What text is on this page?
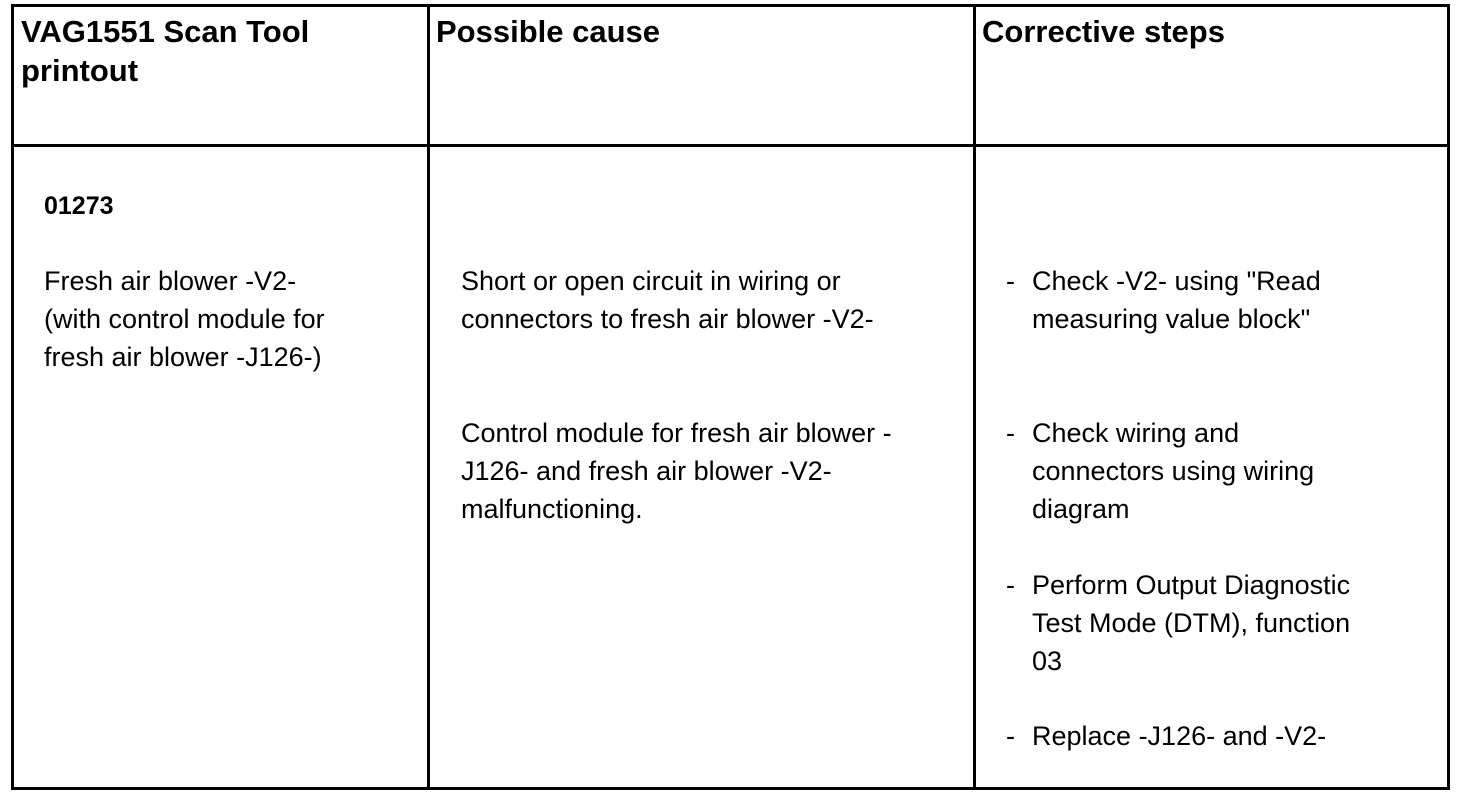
VAG1551 Scan Tool
printout
Possible cause	Corrective steps
01273
Fresh air blower -V2-
(with control module for
fresh air blower -J126-)
Short or open circuit in wiring or
connectors to fresh air blower -V2-
Control module for fresh air blower -
J126- and fresh air blower -V2-
malfunctioning.
- Check -V2- using "Read
measuring value block"
- Check wiring and
connectors using wiring
diagram
- Perform Output Diagnostic
Test Mode (DTM), function
03
- Replace -J126- and -V2-
